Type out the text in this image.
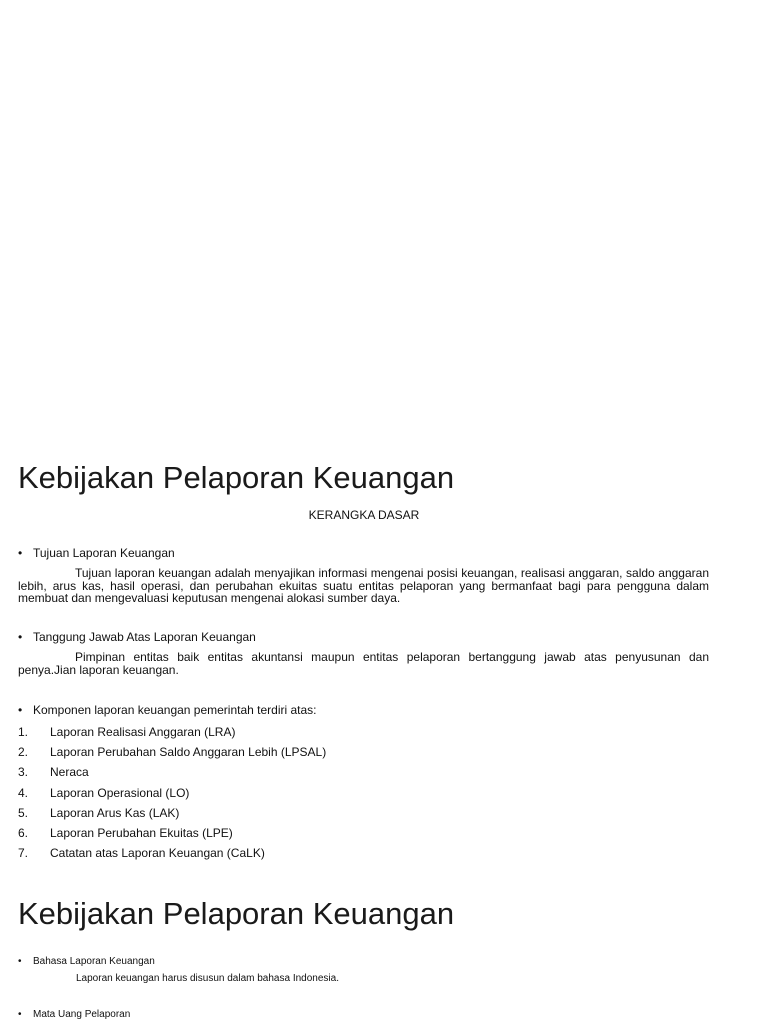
Kebijakan Pelaporan Keuangan
KERANGKA DASAR
• Tujuan Laporan Keuangan

Tujuan laporan keuangan adalah menyajikan informasi mengenai posisi keuangan, realisasi anggaran, saldo anggaran lebih, arus kas, hasil operasi, dan perubahan ekuitas suatu entitas pelaporan yang bermanfaat bagi para pengguna dalam membuat dan mengevaluasi keputusan mengenai alokasi sumber daya.

• Tanggung Jawab Atas Laporan Keuangan

Pimpinan entitas baik entitas akuntansi maupun entitas pelaporan bertanggung jawab atas penyusunan dan penya.Jian laporan keuangan.

• Komponen laporan keuangan pemerintah terdiri atas:
1. Laporan Realisasi Anggaran (LRA)
2. Laporan Perubahan Saldo Anggaran Lebih (LPSAL)
3. Neraca
4. Laporan Operasional (LO)
5. Laporan Arus Kas (LAK)
6. Laporan Perubahan Ekuitas (LPE)
7. Catatan atas Laporan Keuangan (CaLK)
Kebijakan Pelaporan Keuangan
• Bahasa Laporan Keuangan
Laporan keuangan harus disusun dalam bahasa Indonesia.
• Mata Uang Pelaporan
